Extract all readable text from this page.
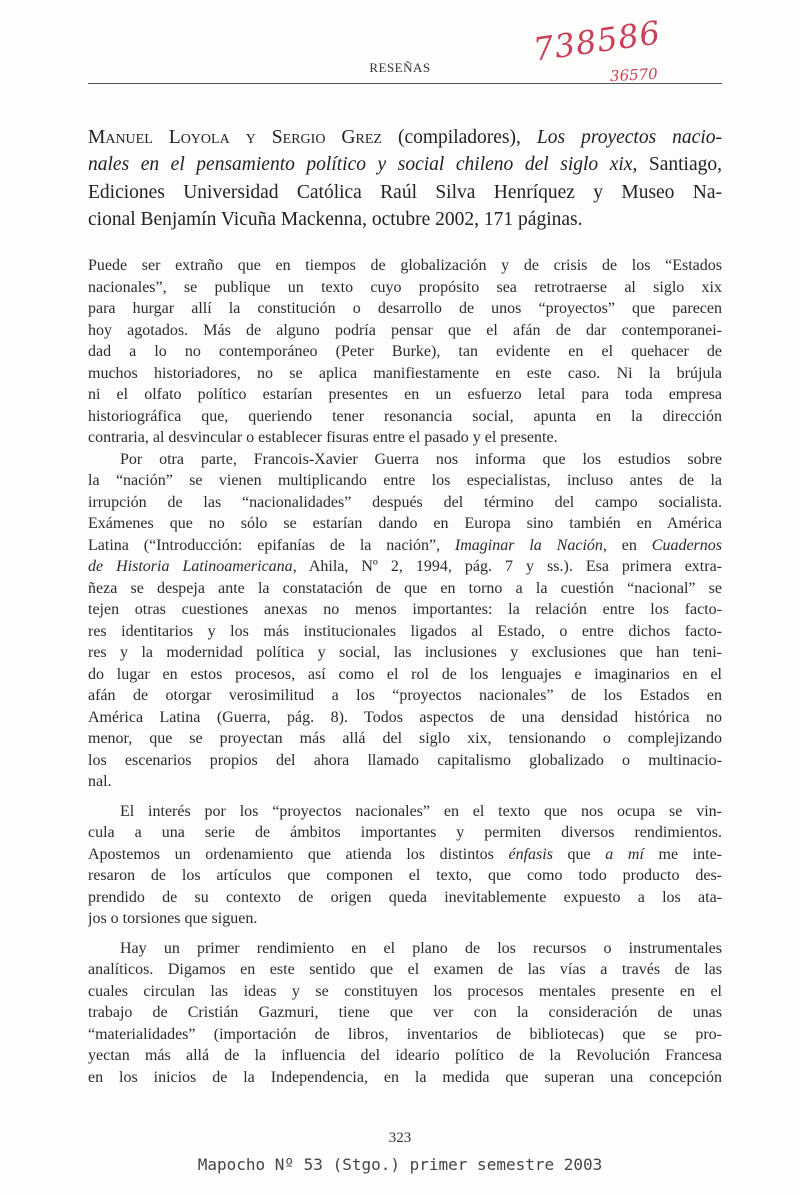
RESEÑAS	738586
36570
Manuel Loyola y Sergio Grez (compiladores), Los proyectos nacio-
nales en el pensamiento político y social chileno del siglo xix, Santiago,
Ediciones Universidad Católica Raúl Silva Henríquez y Museo Na-
cional Benjamín Vicuña Mackenna, octubre 2002, 171 páginas.
Puede ser extraño que en tiempos de globalización y de crisis de los “Estados
nacionales”, se publique un texto cuyo propósito sea retrotraerse al siglo xix
para hurgar allí la constitución o desarrollo de unos “proyectos” que parecen
hoy agotados. Más de alguno podría pensar que el afán de dar contemporanei-
dad a lo no contemporáneo (Peter Burke), tan evidente en el quehacer de
muchos historiadores, no se aplica manifiestamente en este caso. Ni la brújula
ni el olfato político estarían presentes en un esfuerzo letal para toda empresa
historiográfica que, queriendo tener resonancia social, apunta en la dirección
contraria, al desvincular o establecer fisuras entre el pasado y el presente.
Por otra parte, Francois-Xavier Guerra nos informa que los estudios sobre
la “nación” se vienen multiplicando entre los especialistas, incluso antes de la
irrupción de las “nacionalidades” después del término del campo socialista.
Exámenes que no sólo se estarían dando en Europa sino también en América
Latina (“Introducción: epifanías de la nación”, Imaginar la Nación, en Cuadernos
de Historia Latinoamericana, Ahila, Nº 2, 1994, pág. 7 y ss.). Esa primera extra-
ñeza se despeja ante la constatación de que en torno a la cuestión “nacional” se
tejen otras cuestiones anexas no menos importantes: la relación entre los facto-
res identitarios y los más institucionales ligados al Estado, o entre dichos facto-
res y la modernidad política y social, las inclusiones y exclusiones que han teni-
do lugar en estos procesos, así como el rol de los lenguajes e imaginarios en el
afán de otorgar verosimilitud a los “proyectos nacionales” de los Estados en
América Latina (Guerra, pág. 8). Todos aspectos de una densidad histórica no
menor, que se proyectan más allá del siglo xix, tensionando o complejizando
los escenarios propios del ahora llamado capitalismo globalizado o multinacio-
nal.
El interés por los “proyectos nacionales” en el texto que nos ocupa se vin-
cula a una serie de ámbitos importantes y permiten diversos rendimientos.
Apostemos un ordenamiento que atienda los distintos énfasis que a mí me inte-
resaron de los artículos que componen el texto, que como todo producto des-
prendido de su contexto de origen queda inevitablemente expuesto a los ata-
jos o torsiones que siguen.
Hay un primer rendimiento en el plano de los recursos o instrumentales
analíticos. Digamos en este sentido que el examen de las vías a través de las
cuales circulan las ideas y se constituyen los procesos mentales presente en el
trabajo de Cristián Gazmuri, tiene que ver con la consideración de unas
“materialidades” (importación de libros, inventarios de bibliotecas) que se pro-
yectan más allá de la influencia del ideario político de la Revolución Francesa
en los inicios de la Independencia, en la medida que superan una concepción
323
Mapocho Nº 53 (Stgo.) primer semestre 2003
